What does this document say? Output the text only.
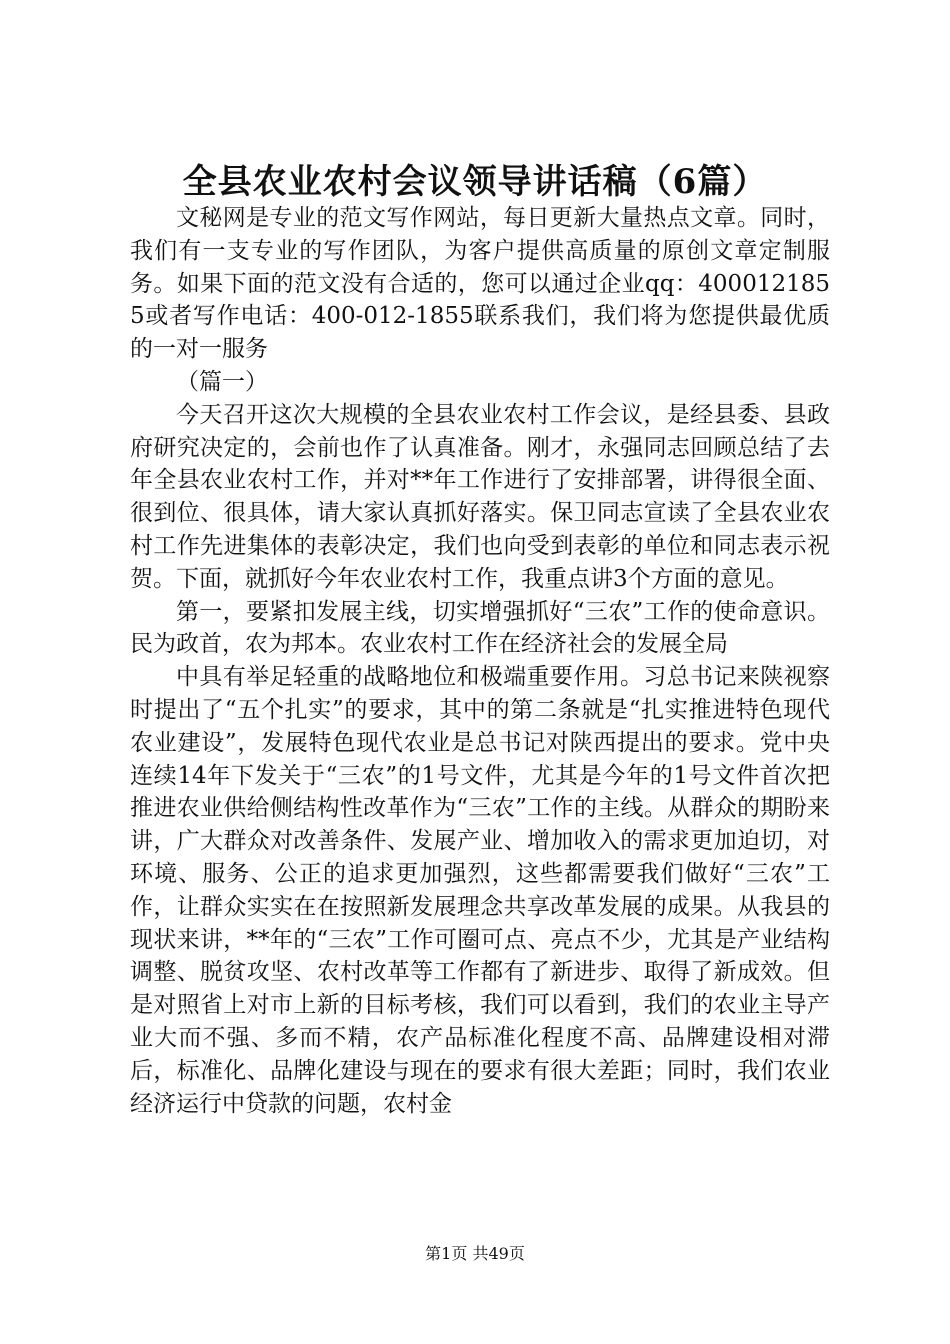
全县农业农村会议领导讲话稿（6篇）

文秘网是专业的范文写作网站，每日更新大量热点文章。同时，我们有一支专业的写作团队，为客户提供高质量的原创文章定制服务。如果下面的范文没有合适的，您可以通过企业qq：4000121855或者写作电话：400-012-1855联系我们，我们将为您提供最优质的一对一服务

（篇一）

今天召开这次大规模的全县农业农村工作会议，是经县委、县政府研究决定的，会前也作了认真准备。刚才，永强同志回顾总结了去年全县农业农村工作，并对**年工作进行了安排部署，讲得很全面、很到位、很具体，请大家认真抓好落实。保卫同志宣读了全县农业农村工作先进集体的表彰决定，我们也向受到表彰的单位和同志表示祝贺。下面，就抓好今年农业农村工作，我重点讲3个方面的意见。

第一，要紧扣发展主线，切实增强抓好“三农”工作的使命意识。民为政首，农为邦本。农业农村工作在经济社会的发展全局

中具有举足轻重的战略地位和极端重要作用。习总书记来陕视察时提出了“五个扎实”的要求，其中的第二条就是“扎实推进特色现代农业建设”，发展特色现代农业是总书记对陕西提出的要求。党中央连续14年下发关于“三农”的1号文件，尤其是今年的1号文件首次把推进农业供给侧结构性改革作为“三农”工作的主线。从群众的期盼来讲，广大群众对改善条件、发展产业、增加收入的需求更加迫切，对环境、服务、公正的追求更加强烈，这些都需要我们做好“三农”工作，让群众实实在在按照新发展理念共享改革发展的成果。从我县的现状来讲，**年的“三农”工作可圈可点、亮点不少，尤其是产业结构调整、脱贫攻坚、农村改革等工作都有了新进步、取得了新成效。但是对照省上对市上新的目标考核，我们可以看到，我们的农业主导产业大而不强、多而不精，农产品标准化程度不高、品牌建设相对滞后，标准化、品牌化建设与现在的要求有很大差距；同时，我们农业经济运行中贷款的问题，农村金

第1页 共49页
